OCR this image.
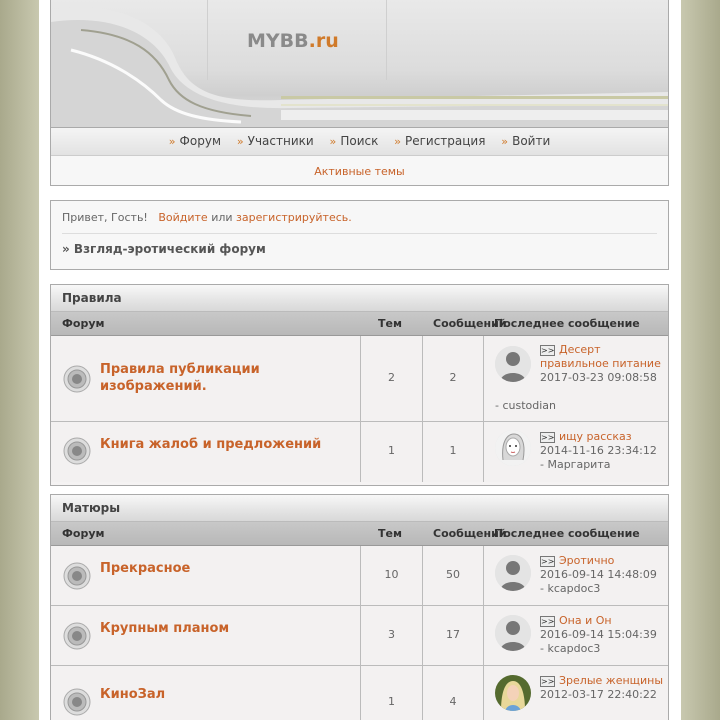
MYBB.ru
›› Форум ›› Участники ›› Поиск ›› Регистрация ›› Войти
Активные темы
Привет, Гость! Войдите или зарегистрируйтесь.
» Взгляд-эротический форум
Правила
Форум	Тем	Сообщений
Последнее сообщение
Правила публикации изображений.
2	2
>> Десерт правильное питание
2017-03-23 09:08:58
- custodian
Книга жалоб и предложений	1	1
>> ищу рассказ
2014-11-16 23:34:12
- Маргарита
Матюры
Форум	Тем	Сообщений
Последнее сообщение
Прекрасное	10	50
>> Эротично
2016-09-14 14:48:09
- kcapdoc3
Крупным планом	3	17
>> Она и Он
2016-09-14 15:04:39
- kcapdoc3
КиноЗал	1	4
>> Зрелые женщины
2012-03-17 22:40:22
